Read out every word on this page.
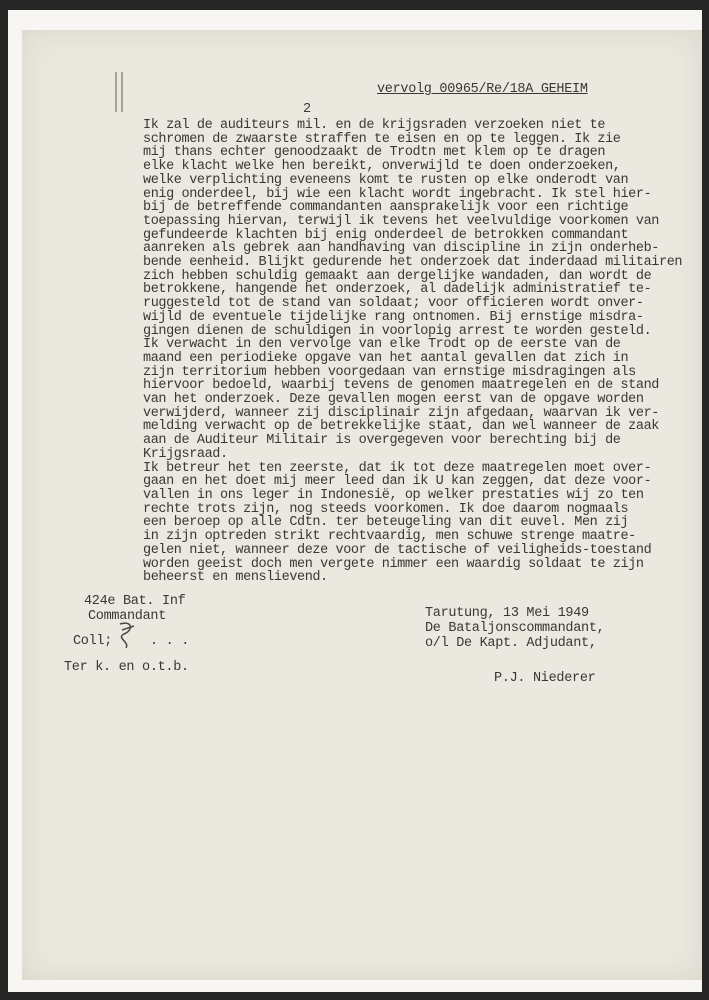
vervolg 00965/Re/18A GEHEIM
2
Ik zal de auditeurs mil. en de krijgsraden verzoeken niet te
schromen de zwaarste straffen te eisen en op te leggen. Ik zie
mij thans echter genoodzaakt de Trodtn met klem op te dragen
elke klacht welke hen bereikt, onverwijld te doen onderzoeken,
welke verplichting eveneens komt te rusten op elke onderodt van
enig onderdeel, bij wie een klacht wordt ingebracht. Ik stel hier-
bij de betreffende commandanten aansprakelijk voor een richtige
toepassing hiervan, terwijl ik tevens het veelvuldige voorkomen van
gefundeerde klachten bij enig onderdeel de betrokken commandant
aanreken als gebrek aan handhaving van discipline in zijn onderheb-
bende eenheid. Blijkt gedurende het onderzoek dat inderdaad militairen
zich hebben schuldig gemaakt aan dergelijke wandaden, dan wordt de
betrokkene, hangende het onderzoek, al dadelijk administratief te-
ruggesteld tot de stand van soldaat; voor officieren wordt onver-
wijld de eventuele tijdelijke rang ontnomen. Bij ernstige misdra-
gingen dienen de schuldigen in voorlopig arrest te worden gesteld.
Ik verwacht in den vervolge van elke Trodt op de eerste van de
maand een periodieke opgave van het aantal gevallen dat zich in
zijn territorium hebben voorgedaan van ernstige misdragingen als
hiervoor bedoeld, waarbij tevens de genomen maatregelen en de stand
van het onderzoek. Deze gevallen mogen eerst van de opgave worden
verwijderd, wanneer zij disciplinair zijn afgedaan, waarvan ik ver-
melding verwacht op de betrekkelijke staat, dan wel wanneer de zaak
aan de Auditeur Militair is overgegeven voor berechting bij de
Krijgsraad.
Ik betreur het ten zeerste, dat ik tot deze maatregelen moet over-
gaan en het doet mij meer leed dan ik U kan zeggen, dat deze voor-
vallen in ons leger in Indonesië, op welker prestaties wij zo ten
rechte trots zijn, nog steeds voorkomen. Ik doe daarom nogmaals
een beroep op alle Cdtn. ter beteugeling van dit euvel. Men zij
in zijn optreden strikt rechtvaardig, men schuwe strenge maatre-
gelen niet, wanneer deze voor de tactische of veiligheids-toestand
worden geeist doch men vergete nimmer een waardig soldaat te zijn
beheerst en menslievend.
424e Bat. Inf
Commandant
Coll;	. . .
Ter k. en o.t.b.
Tarutung, 13 Mei 1949
De Bataljonscommandant,
o/l De Kapt. Adjudant,
P.J. Niederer
